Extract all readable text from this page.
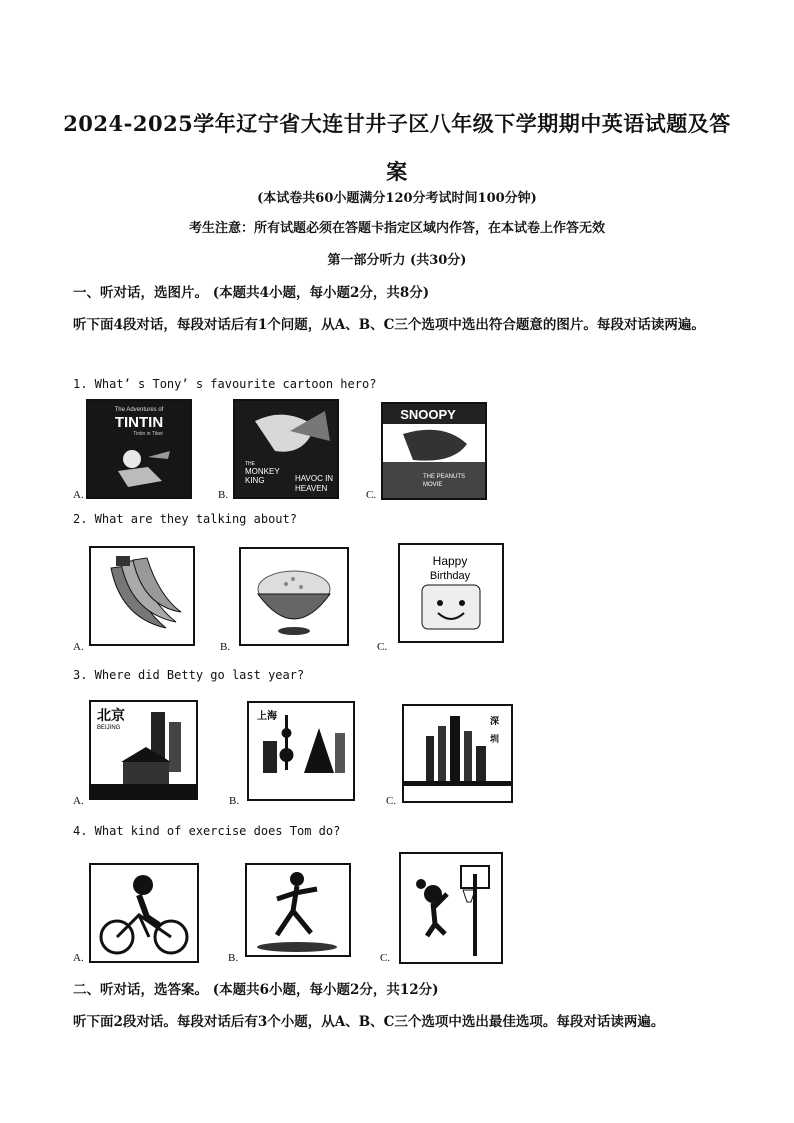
2024-2025学年辽宁省大连甘井子区八年级下学期期中英语试题及答
案
(本试卷共60小题满分120分考试时间100分钟)
考生注意：所有试题必须在答题卡指定区域内作答，在本试卷上作答无效
第一部分听力 (共30分)
一、听对话，选图片。 (本题共4小题，每小题2分，共8分)
听下面4段对话，每段对话后有1个问题，从A、B、C三个选项中选出符合题意的图片。每段对话读两遍。
1. What’ s Tony’ s favourite cartoon hero?
A.	B.	C.
The Adventures of
TINTIN
Tintin in Tibet
THE
MONKEY
KING	HAVOC IN
HEAVEN
SNOOPY
THE PEANUTS
MOVIE
2. What are they talking about?
A.	B.	C.
Happy
Birthday
3. Where did Betty go last year?
A.	B.	C.
北京
BEIJING
上海	深
圳
4. What kind of exercise does Tom do?
A.	B.	C.
二、听对话，选答案。 (本题共6小题，每小题2分，共12分)
听下面2段对话。每段对话后有3个小题，从A、B、C三个选项中选出最佳选项。每段对话读两遍。
